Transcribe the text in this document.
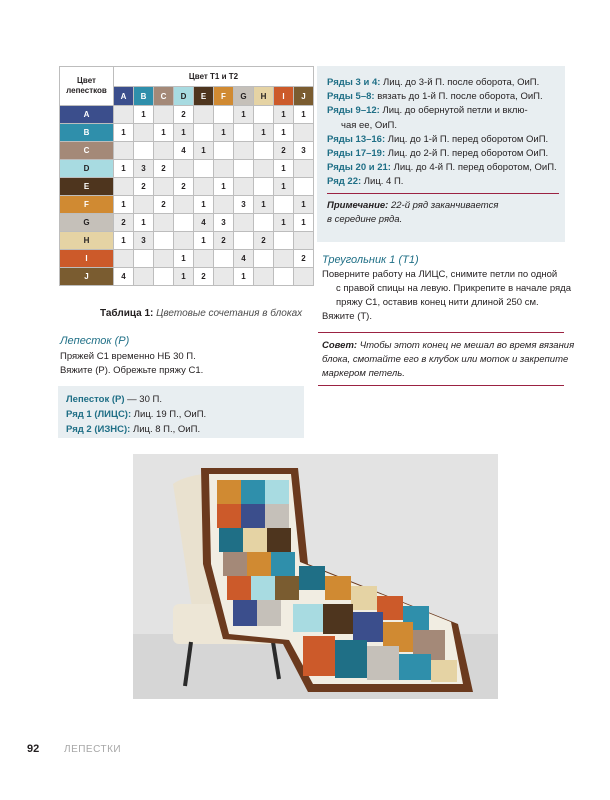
Цвет
лепестков	Цвет Т1 и Т2									
	A	B	C	D	E	F	G	H	I	J
A		1		2			1		1	1
B	1		1	1		1		1	1	
C				4	1				2	3
D	1	3	2						1	
E		2		2		1			1	
F	1		2		1		3	1		1
G	2	1			4	3			1	1
H	1	3			1	2		2		
I				1			4			2
J	4			1	2		1			
Таблица 1: Цветовые сочетания в блоках
Лепесток (P)
Пряжей C1 временно НБ 30 П.
Вяжите (P). Обрежьте пряжу C1.
Лепесток (P) — 30 П.
Ряд 1 (ЛИЦС): Лиц. 19 П., ОиП.
Ряд 2 (ИЗНС): Лиц. 8 П., ОиП.
Ряды 3 и 4: Лиц. до 3-й П. после оборота, ОиП.
Ряды 5–8: вязать до 1-й П. после оборота, ОиП.
Ряды 9–12: Лиц. до обернутой петли и вклю-
чая ее, ОиП.
Ряды 13–16: Лиц. до 1-й П. перед оборотом ОиП.
Ряды 17–19: Лиц. до 2-й П. перед оборотом ОиП.
Ряды 20 и 21: Лиц. до 4-й П. перед оборотом, ОиП.
Ряд 22: Лиц. 4 П.
Примечание: 22-й ряд заканчивается
в середине ряда.
Треугольник 1 (T1)
Поверните работу на ЛИЦС, снимите петли по одной
с правой спицы на левую. Прикрепите в начале ряда
пряжу C1, оставив конец нити длиной 250 см.
Вяжите (T).
Совет: Чтобы этот конец не мешал во время вязания
блока, смотайте его в клубок или моток и закрепите
маркером петель.
92 ЛЕПЕСТКИ
